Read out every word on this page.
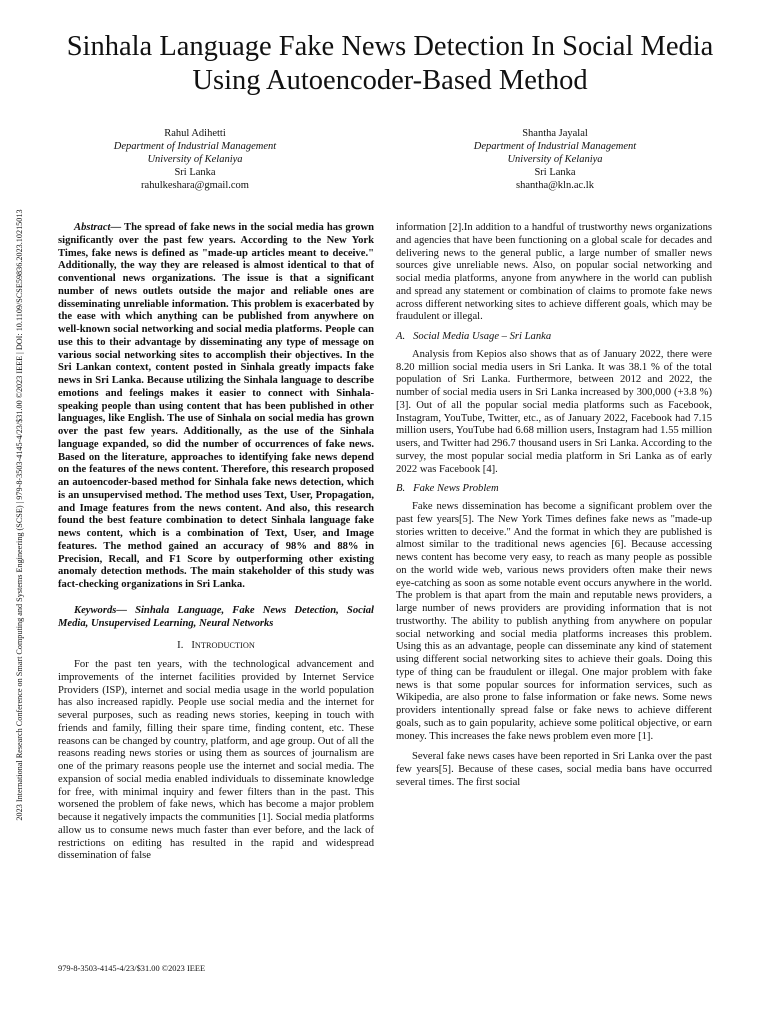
2023 International Research Conference on Smart Computing and Systems Engineering (SCSE) | 979-8-3503-4145-4/23/$31.00 ©2023 IEEE | DOI: 10.1109/SCSE59836.2023.10215013
Sinhala Language Fake News Detection In Social Media Using Autoencoder-Based Method
Rahul Adihetti
Department of Industrial Management
University of Kelaniya
Sri Lanka
rahulkeshara@gmail.com
Shantha Jayalal
Department of Industrial Management
University of Kelaniya
Sri Lanka
shantha@kln.ac.lk

Abstract— The spread of fake news in the social media has grown significantly over the past few years. According to the New York Times, fake news is defined as "made-up articles meant to deceive." Additionally, the way they are released is almost identical to that of conventional news organizations. The issue is that a significant number of news outlets outside the major and reliable ones are disseminating unreliable information. This problem is exacerbated by the ease with which anything can be published from anywhere on well-known social networking and social media platforms. People can use this to their advantage by disseminating any type of message on various social networking sites to accomplish their objectives. In the Sri Lankan context, content posted in Sinhala greatly impacts fake news in Sri Lanka. Because utilizing the Sinhala language to describe emotions and feelings makes it easier to connect with Sinhala-speaking people than using content that has been published in other languages, like English. The use of Sinhala on social media has grown over the past few years. Additionally, as the use of the Sinhala language expanded, so did the number of occurrences of fake news. Based on the literature, approaches to identifying fake news depend on the features of the news content. Therefore, this research proposed an autoencoder-based method for Sinhala fake news detection, which is an unsupervised method. The method uses Text, User, Propagation, and Image features from the news content. And also, this research found the best feature combination to detect Sinhala language fake news content, which is a combination of Text, User, and Image features. The method gained an accuracy of 98% and 88% in Precision, Recall, and F1 Score by outperforming other existing anomaly detection methods. The main stakeholder of this study was fact-checking organizations in Sri Lanka.

Keywords— Sinhala Language, Fake News Detection, Social Media, Unsupervised Learning, Neural Networks

I. INTRODUCTION

For the past ten years, with the technological advancement and improvements of the internet facilities provided by Internet Service Providers (ISP), internet and social media usage in the world population has also increased rapidly. People use social media and the internet for several purposes, such as reading news stories, keeping in touch with friends and family, filling their spare time, finding content, etc. These reasons can be changed by country, platform, and age group. Out of all the reasons reading news stories or using them as sources of journalism are one of the primary reasons people use the internet and social media. The expansion of social media enabled individuals to disseminate knowledge for free, with minimal inquiry and fewer filters than in the past. This worsened the problem of fake news, which has become a major problem because it negatively impacts the communities [1]. Social media platforms allow us to consume news much faster than ever before, and the lack of restrictions on editing has resulted in the rapid and widespread dissemination of false

information [2].In addition to a handful of trustworthy news organizations and agencies that have been functioning on a global scale for decades and delivering news to the general public, a large number of smaller news sources give unreliable news. Also, on popular social networking and social media platforms, anyone from anywhere in the world can publish and spread any statement or combination of claims to promote fake news across different networking sites to achieve different goals, which may be fraudulent or illegal.

A. Social Media Usage – Sri Lanka

Analysis from Kepios also shows that as of January 2022, there were 8.20 million social media users in Sri Lanka. It was 38.1 % of the total population of Sri Lanka. Furthermore, between 2012 and 2022, the number of social media users in Sri Lanka increased by 300,000 (+3.8 %) [3]. Out of all the popular social media platforms such as Facebook, Instagram, YouTube, Twitter, etc., as of January 2022, Facebook had 7.15 million users, YouTube had 6.68 million users, Instagram had 1.55 million users, and Twitter had 296.7 thousand users in Sri Lanka. According to the survey, the most popular social media platform in Sri Lanka as of early 2022 was Facebook [4].

B. Fake News Problem

Fake news dissemination has become a significant problem over the past few years[5]. The New York Times defines fake news as "made-up stories written to deceive." And the format in which they are published is almost similar to the traditional news agencies [6]. Because accessing news content has become very easy, to reach as many people as possible on the world wide web, various news providers often make their news eye-catching as soon as some notable event occurs anywhere in the world. The problem is that apart from the main and reputable news providers, a large number of news providers are providing information that is not trustworthy. The ability to publish anything from anywhere on popular social networking and social media platforms increases this problem. Using this as an advantage, people can disseminate any kind of statement using different social networking sites to achieve their goals. Doing this type of thing can be fraudulent or illegal. One major problem with fake news is that some popular sources for information services, such as Wikipedia, are also prone to false information or fake news. Some news providers intentionally spread false or fake news to achieve different goals, such as to gain popularity, achieve some political objective, or earn money. This increases the fake news problem even more [1].

Several fake news cases have been reported in Sri Lanka over the past few years[5]. Because of these cases, social media bans have occurred several times. The first social

979-8-3503-4145-4/23/$31.00 ©2023 IEEE
